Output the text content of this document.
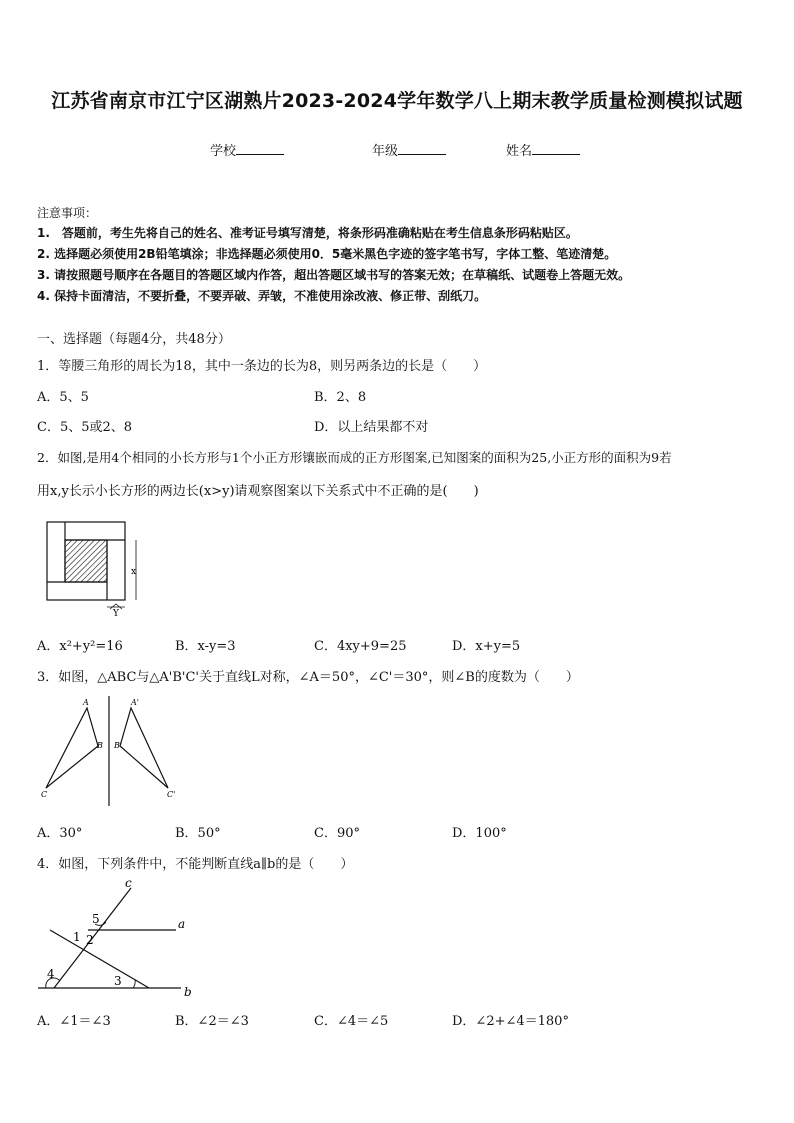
江苏省南京市江宁区湖熟片2023-2024学年数学八上期末教学质量检测模拟试题
学校	年级	姓名
注意事项：
1.　答题前，考生先将自己的姓名、准考证号填写清楚，将条形码准确粘贴在考生信息条形码粘贴区。
2. 选择题必须使用2B铅笔填涂；非选择题必须使用0．5毫米黑色字迹的签字笔书写，字体工整、笔迹清楚。
3. 请按照题号顺序在各题目的答题区域内作答，超出答题区域书写的答案无效；在草稿纸、试题卷上答题无效。
4. 保持卡面清洁，不要折叠，不要弄破、弄皱，不准使用涂改液、修正带、刮纸刀。
一、选择题（每题4分，共48分）
1．等腰三角形的周长为18，其中一条边的长为8，则另两条边的长是（　　）
A．5、5	B．2、8
C．5、5或2、8	D．以上结果都不对
2．如图,是用4个相同的小长方形与1个小正方形镶嵌而成的正方形图案,已知图案的面积为25,小正方形的面积为9若
用x,y长示小长方形的两边长(x>y)请观察图案以下关系式中不正确的是(　　)
x
Y
A．x²+y²=16	B．x-y=3	C．4xy+9=25	D．x+y=5
3．如图，△ABC与△A'B'C'关于直线L对称，∠A＝50°，∠C'＝30°，则∠B的度数为（　　）
A	A'
B B'
C	C'
A．30°	B．50°	C．90°	D．100°
4．如图，下列条件中，不能判断直线a∥b的是（　　）
c
5	a
1 2
4	3
b
A．∠1＝∠3	B．∠2＝∠3	C．∠4＝∠5	D．∠2+∠4＝180°
